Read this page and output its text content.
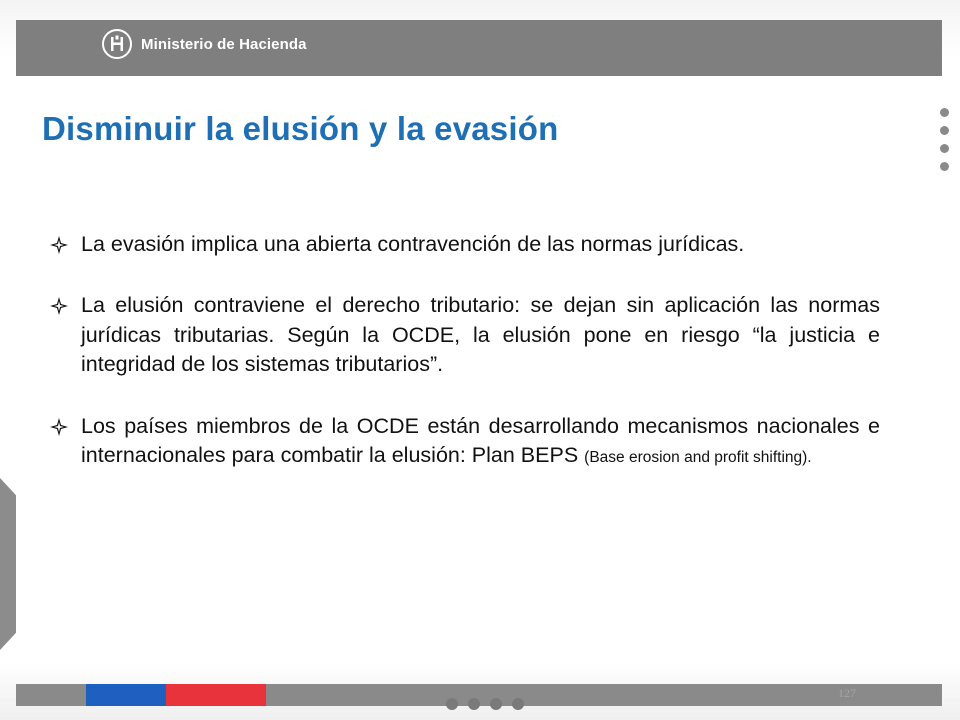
Ministerio de Hacienda
Disminuir la elusión y la evasión
La evasión implica una abierta contravención de las normas jurídicas.
La elusión contraviene el derecho tributario: se dejan sin aplicación las normas jurídicas tributarias. Según la OCDE, la elusión pone en riesgo “la justicia e integridad de los sistemas tributarios”.
Los países miembros de la OCDE están desarrollando mecanismos nacionales e internacionales para combatir la elusión: Plan BEPS (Base erosion and profit shifting).
127
